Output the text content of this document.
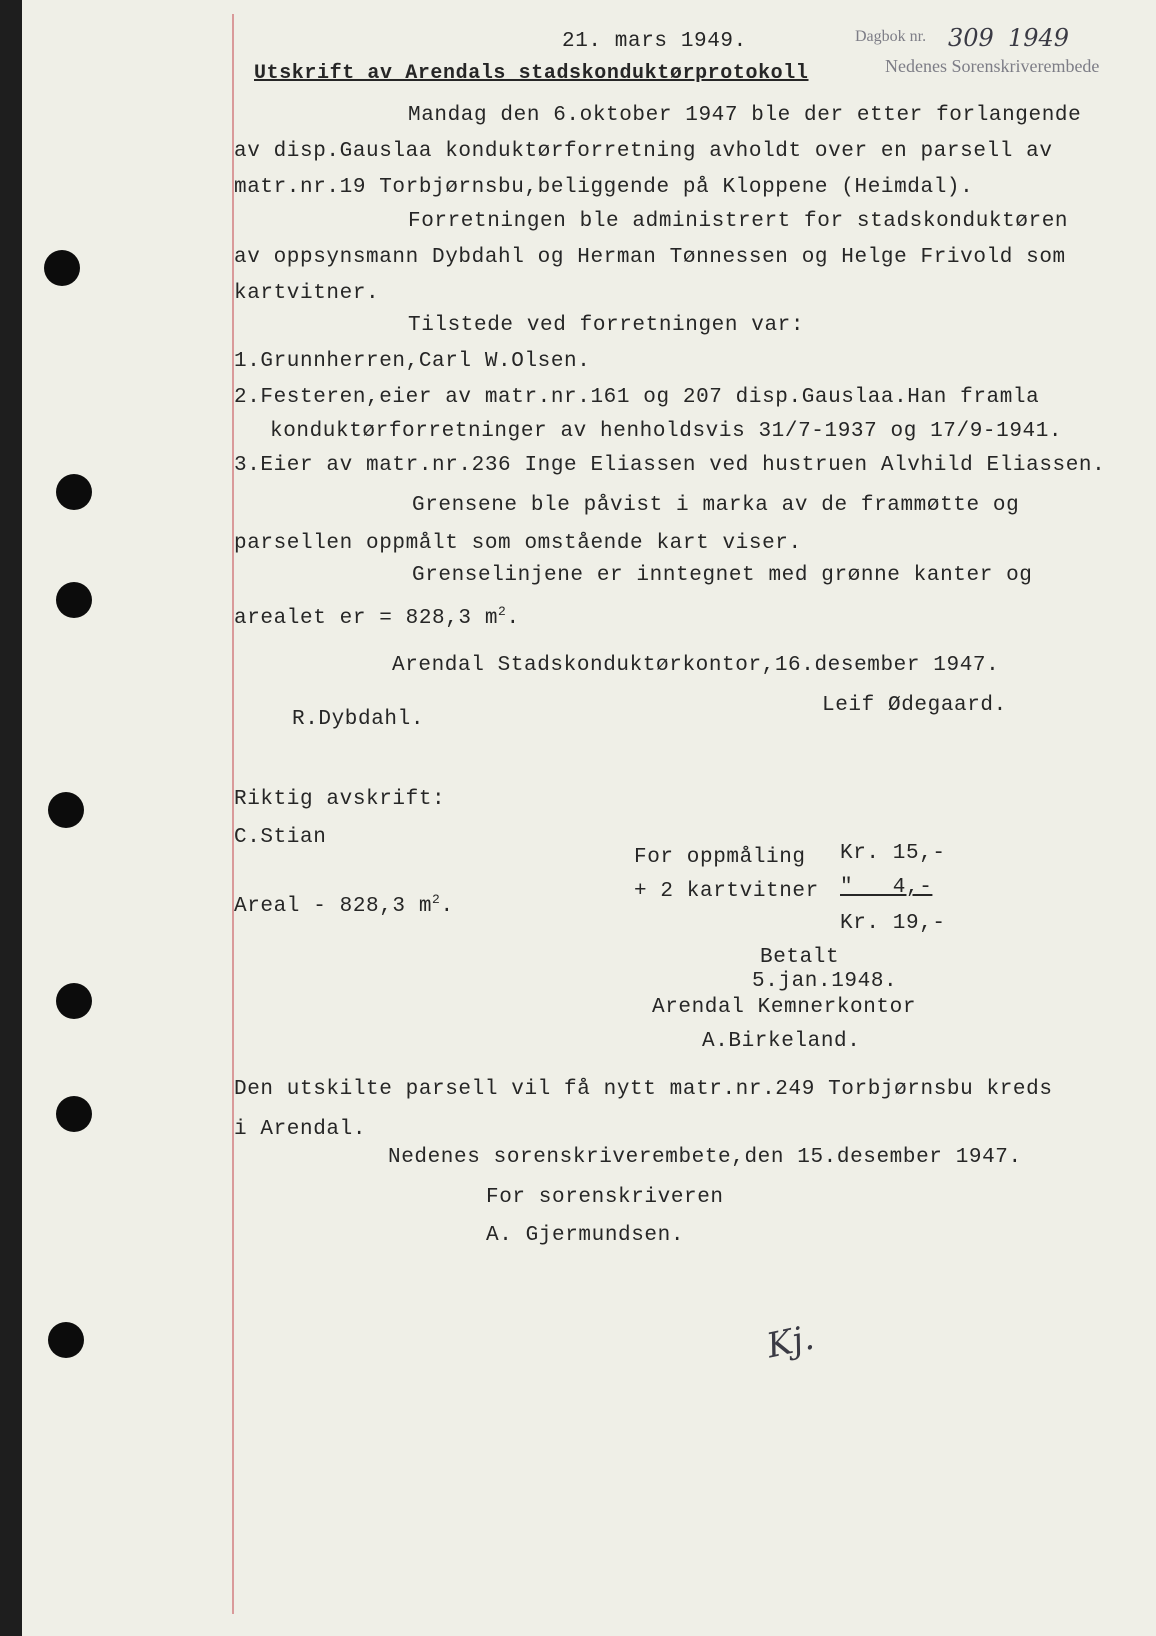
21. mars 1949.	Dagbok nr. 309 1949
Nedenes Sorenskriverembede
Utskrift av Arendals stadskonduktørprotokoll
Mandag den 6.oktober 1947 ble der etter forlangende
av disp.Gauslaa konduktørforretning avholdt over en parsell av
matr.nr.19 Torbjørnsbu,beliggende på Kloppene (Heimdal).
Forretningen ble administrert for stadskonduktøren
av oppsynsmann Dybdahl og Herman Tønnessen og Helge Frivold som
kartvitner.
Tilstede ved forretningen var:
1.Grunnherren,Carl W.Olsen.
2.Festeren,eier av matr.nr.161 og 207 disp.Gauslaa.Han framla
konduktørforretninger av henholdsvis 31/7-1937 og 17/9-1941.
3.Eier av matr.nr.236 Inge Eliassen ved hustruen Alvhild Eliassen.
Grensene ble påvist i marka av de frammøtte og
parsellen oppmålt som omstående kart viser.
Grenselinjene er inntegnet med grønne kanter og
arealet er = 828,3 $m^2$.
Arendal Stadskonduktørkontor,16.desember 1947.
Leif Ødegaard.
R.Dybdahl.
Riktig avskrift:
C.Stian
Areal - 828,3 $m^2$.
For oppmåling Kr. 15,-
+ 2 kartvitner "   4,-
Kr. 19,-
Betalt
5.jan.1948.
Arendal Kemnerkontor
A.Birkeland.
Den utskilte parsell vil få nytt matr.nr.249 Torbjørnsbu kreds
i Arendal.
Nedenes sorenskriverembete,den 15.desember 1947.
For sorenskriveren
A. Gjermundsen.
Kj.
